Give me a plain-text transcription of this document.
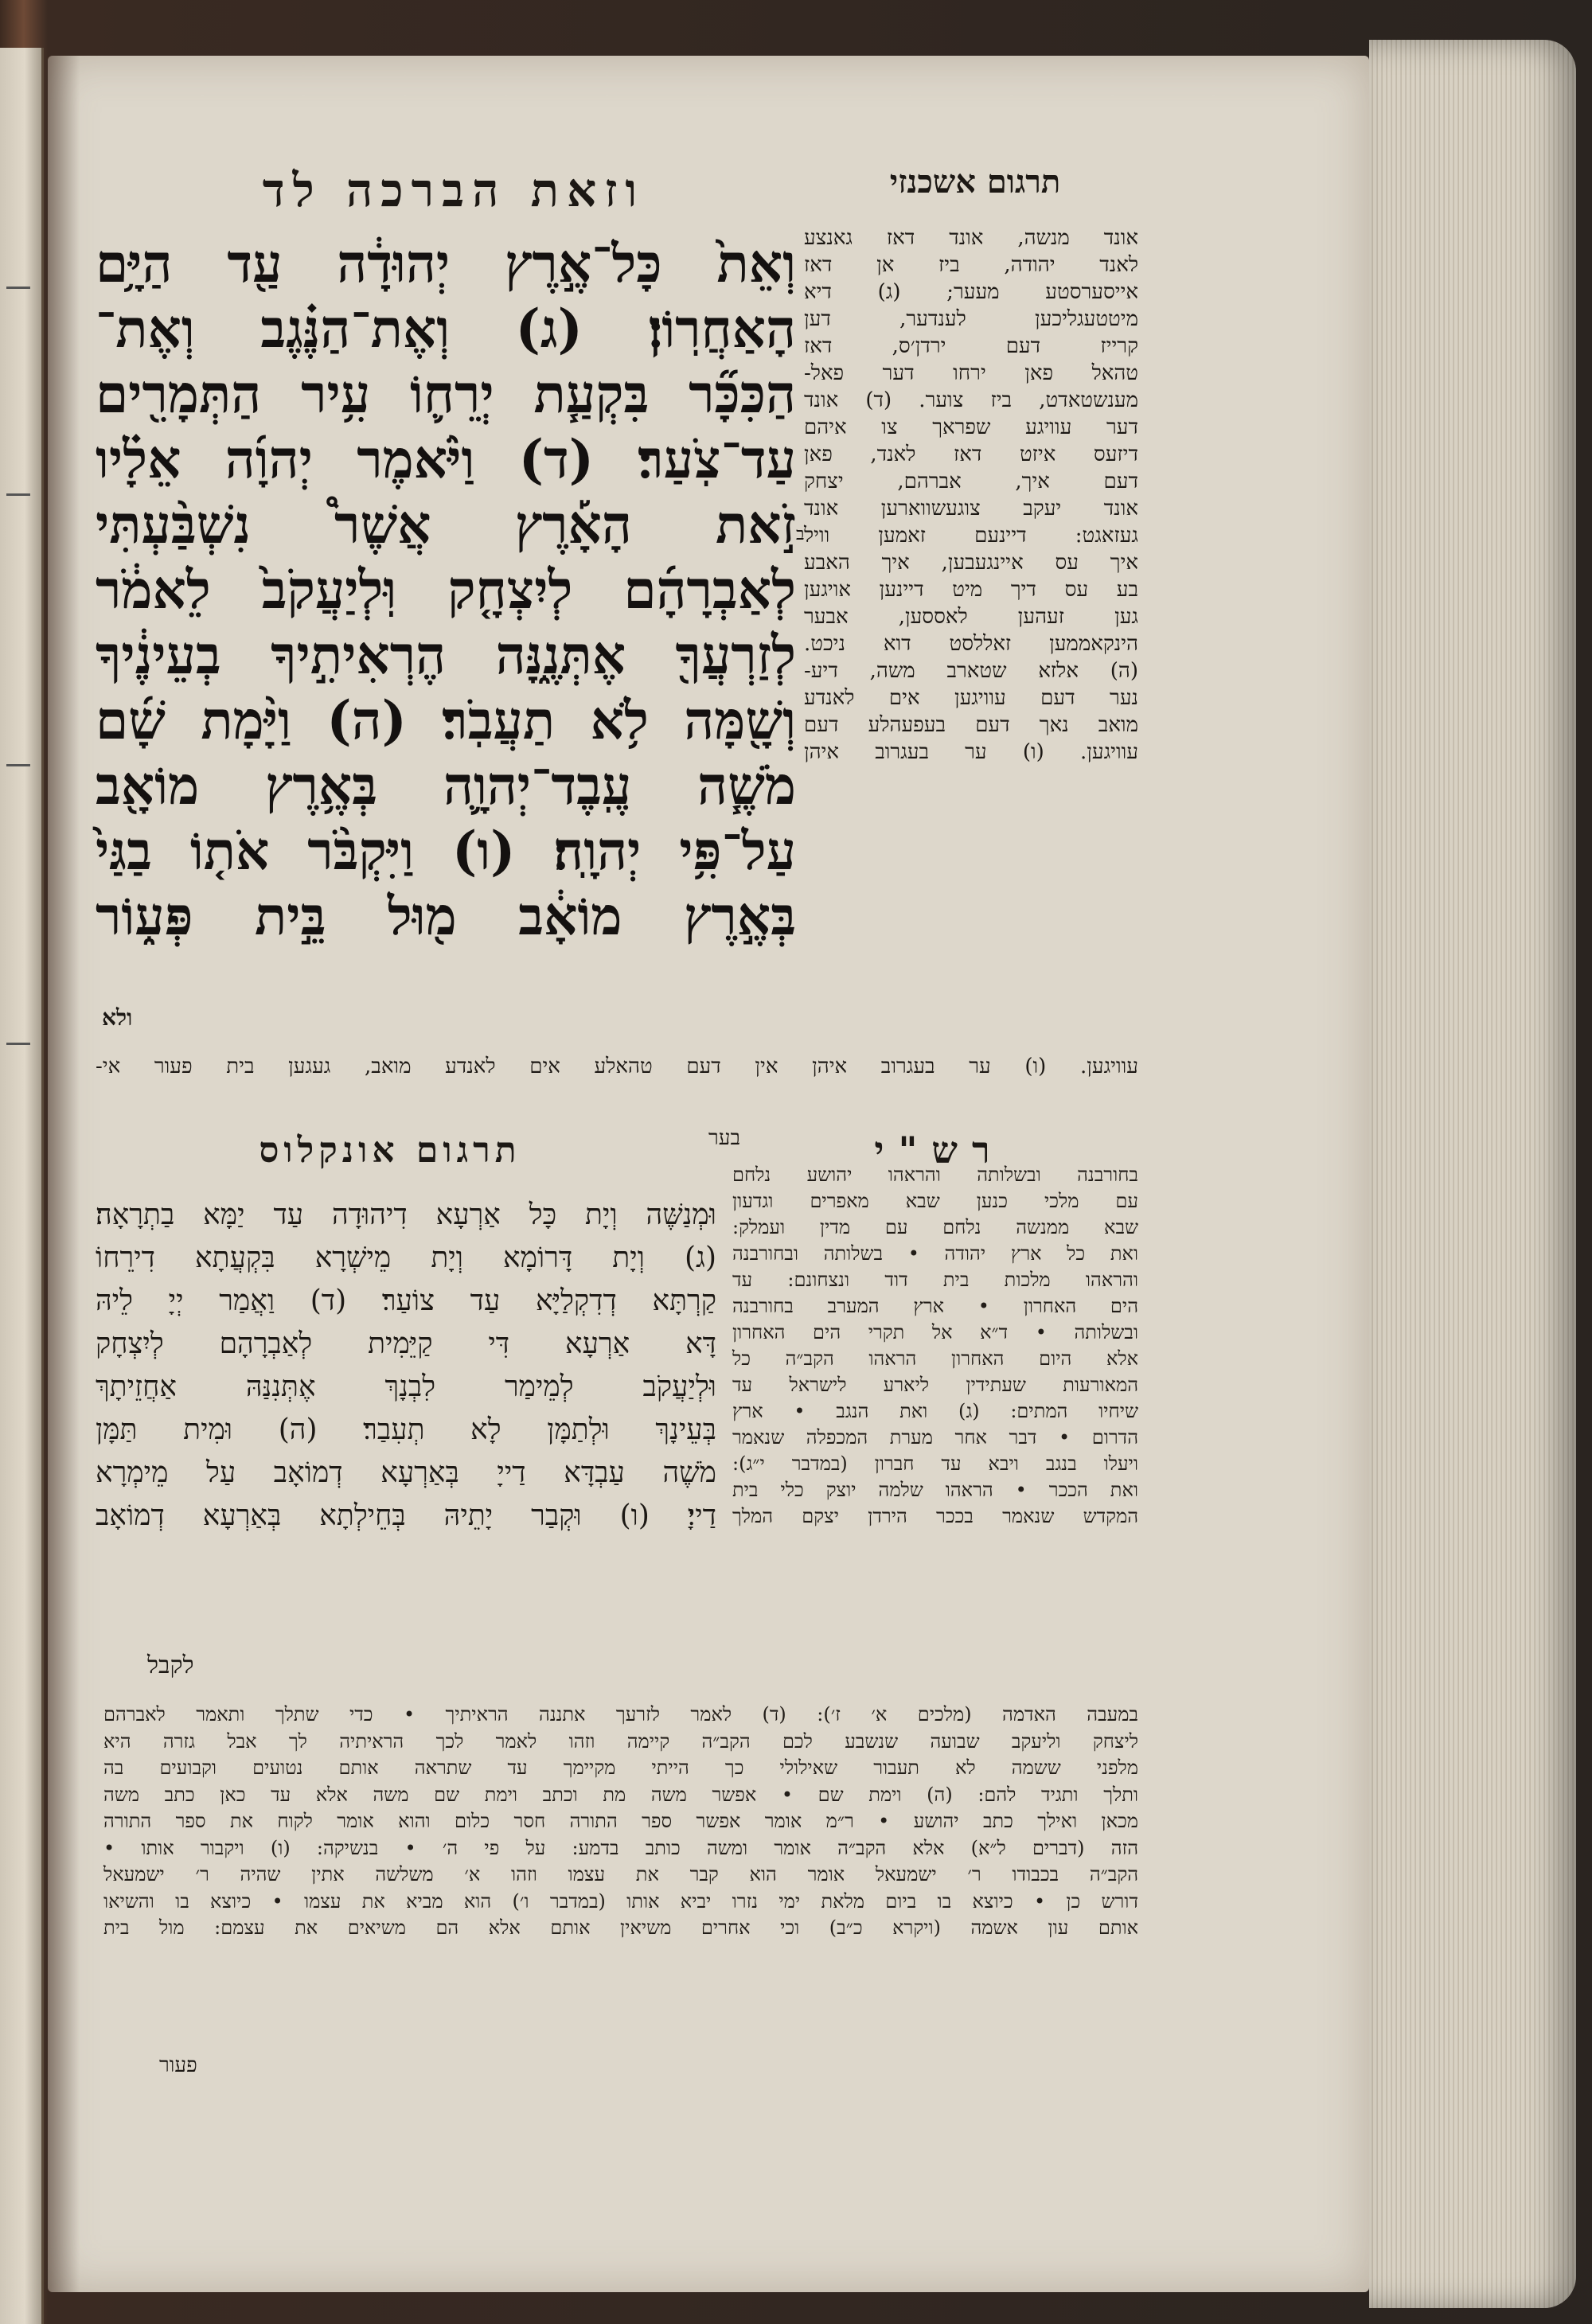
תרגום אשכנזי
וזאת הברכה לד
אונד מנשה, אונד דאז גאנצע
לאנד יהודה, ביז אן דאז
אייסערסטע מעער; (ג) דיא
מיטטעגליכען לענדער, דען
קרייז דעם ירדן׳ס, דאז
טהאל פאן ירחו דער פאל-
מענשטאדט, ביז צוער. (ד) אונד
דער עוויגע שפראך צו איהם
דיזעס איזט דאז לאנד, פאן
דעם איך, אברהם, יצחק
אונד יעקב צוגעשווארען אונד
געזאגט: דיינעם זאמען וויל
איך עס איינגעבען, איך האבע
בע עס דיך מיט דיינען אויגען
גען זעהען לאססען, אבער
הינקאממען זאללסט דוא ניכט.
(ה) אלזא שטארב משה, דיע-
נער דעם עוויגען אים לאנדע
מואב נאך דעם בעפעהלע דעם
עוויגען. (ו) ער בעגרוב איהן
וְאֵת֙ כָּל־אֶ֣רֶץ יְהוּדָ֔ה עַ֖ד הַיָּ֥ם
הָאַחֲרֽוֹן׃ (ג) וְאֶת־הַנֶּ֗גֶב וְאֶת־
הַכִּכָּ֞ר בִּקְעַ֧ת יְרֵח֛וֹ עִ֥יר הַתְּמָרִ֖ים
עַד־צֹֽעַר׃ (ד) וַיֹּ֨אמֶר יְהוָ֜ה אֵלָ֗יו
זֹ֣את הָאָ֡רֶץ אֲשֶׁר֩ נִשְׁבַּ֨עְתִּי
לְאַבְרָהָ֜ם לְיִצְחָ֤ק וּֽלְיַעֲקֹב֙ לֵאמֹ֔ר
לְזַרְעֲךָ֖ אֶתְּנֶ֑נָּה הֶרְאִיתִ֣יךָ בְעֵינֶ֔יךָ
וְשָׁ֖מָּה לֹ֥א תַעֲבֹֽר׃ (ה) וַיָּ֨מָת שָׁ֜ם
מֹשֶׁ֧ה עֶֽבֶד־יְהוָ֛ה בְּאֶ֥רֶץ מוֹאָ֖ב
עַל־פִּ֥י יְהוָֽה׃ (ו) וַיִּקְבֹּ֨ר אֹת֤וֹ בַגַּי֙
בְּאֶ֣רֶץ מוֹאָ֔ב מ֖וּל בֵּ֣ית פְּע֑וֹר
ב
ולא
עוויגען. (ו) ער בעגרוב איהן אין דעם טהאלע אים לאנדע מואב, געגען בית פעור אי-
רש"י
תרגום אונקלוס	בער
וּמְנַשֶּׁה וְיָת כָּל אַרְעָא דִיהוּדָה עַד יַמָּא בַתְרָאָה׃
(ג) וְיָת דָּרוֹמָא וְיָת מֵישְׁרָא בִּקְעֲתָא דִירֵחוֹ
קַרְתָּא דְדִקְלַיָּא עַד צוֹעַר׃ (ד) וַאֲמַר יְיָ לֵיהּ
דָּא אַרְעָא דִּי קַיֵּמִית לְאַבְרָהָם לְיִצְחָק
וּלְיַעֲקֹב לְמֵימַר לִבְנָךְ אֶתְּנִנַּהּ אַחֲזֵיתָךְ
בְּעֵינָךְ וּלְתַמָּן לָא תְעִבַר׃ (ה) וּמִית תַּמָּן
מֹשֶׁה עַבְדָּא דַייָ בְּאַרְעָא דְמוֹאָב עַל מֵימְרָא
דַייָ׃ (ו) וּקְבַר יָתֵיהּ בְּחֵילְתָא בְּאַרְעָא דְמוֹאָב
לקבל
בחורבנה ובשלותה והראהו יהושע נלחם
עם מלכי כנען שבא מאפרים וגדעון
שבא ממנשה נלחם עם מדין ועמלק:
ואת כל ארץ יהודה • בשלותה ובחורבנה
והראהו מלכות בית דוד ונצחונם: עד
הים האחרון • ארץ המערב בחורבנה
ובשלותה • ד״א אל תקרי הים האחרון
אלא היום האחרון הראהו הקב״ה כל
המאורעות שעתידין ליארע לישראל עד
שיחיו המתים: (ג) ואת הנגב • ארץ
הדרום • דבר אחר מערת המכפלה שנאמר
ויעלו בנגב ויבא עד חברון (במדבר י״ג):
ואת הככר • הראהו שלמה יוצק כלי בית
המקדש שנאמר בככר הירדן יצקם המלך
במעבה האדמה (מלכים א׳ ז׳): (ד) לאמר לזרעך אתננה הראיתיך • כדי שתלך ותאמר לאברהם
ליצחק וליעקב שבועה שנשבע לכם הקב״ה קיימה וזהו לאמר לכך הראיתיה לך אבל גזרה היא
מלפני ששמה לא תעבור שאילולי כך הייתי מקיימך עד שתראה אותם נטועים וקבועים בה
ותלך ותגיד להם: (ה) וימת שם • אפשר משה מת וכתב וימת שם משה אלא עד כאן כתב משה
מכאן ואילך כתב יהושע • ר״מ אומר אפשר ספר התורה חסר כלום והוא אומר לקוח את ספר התורה
הזה (דברים ל״א) אלא הקב״ה אומר ומשה כותב בדמע: על פי ה׳ • בנשיקה: (ו) ויקבור אותו •
הקב״ה בכבודו ר׳ ישמעאל אומר הוא קבר את עצמו וזהו א׳ משלשה אתין שהיה ר׳ ישמעאל
דורש כן • כיוצא בו ביום מלאת ימי נזרו יביא אותו (במדבר ו׳) הוא מביא את עצמו • כיוצא בו והשיאו
אותם עון אשמה (ויקרא כ״ב) וכי אחרים משיאין אותם אלא הם משיאים את עצמם: מול בית
פעור
